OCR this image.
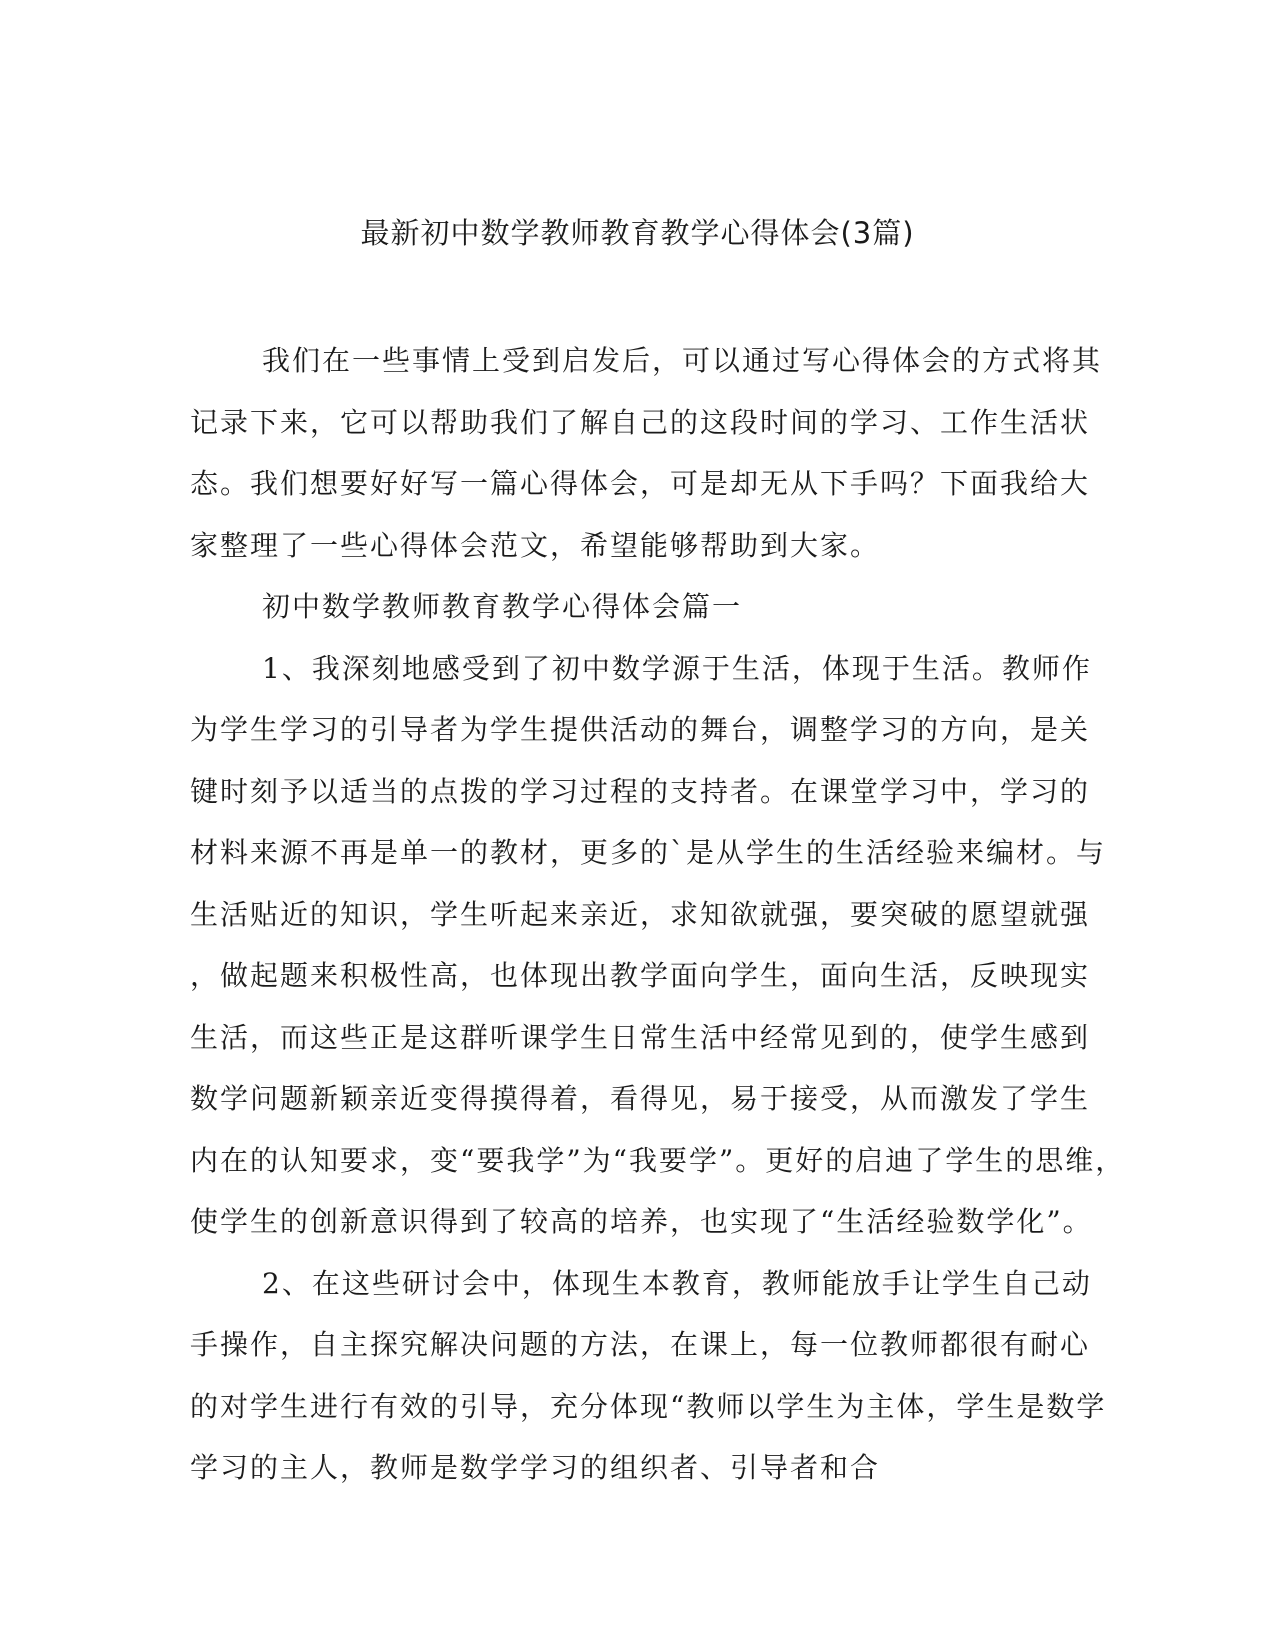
最新初中数学教师教育教学心得体会(3篇)

我们在一些事情上受到启发后，可以通过写心得体会的方式将其
记录下来，它可以帮助我们了解自己的这段时间的学习、工作生活状
态。我们想要好好写一篇心得体会，可是却无从下手吗？下面我给大
家整理了一些心得体会范文，希望能够帮助到大家。

初中数学教师教育教学心得体会篇一

1、我深刻地感受到了初中数学源于生活，体现于生活。教师作
为学生学习的引导者为学生提供活动的舞台，调整学习的方向，是关
键时刻予以适当的点拨的学习过程的支持者。在课堂学习中，学习的
材料来源不再是单一的教材，更多的`是从学生的生活经验来编材。与
生活贴近的知识，学生听起来亲近，求知欲就强，要突破的愿望就强
，做起题来积极性高，也体现出教学面向学生，面向生活，反映现实
生活，而这些正是这群听课学生日常生活中经常见到的，使学生感到
数学问题新颖亲近变得摸得着，看得见，易于接受，从而激发了学生
内在的认知要求，变“要我学”为“我要学”。更好的启迪了学生的思维，
使学生的创新意识得到了较高的培养，也实现了“生活经验数学化”。

2、在这些研讨会中，体现生本教育，教师能放手让学生自己动
手操作，自主探究解决问题的方法，在课上，每一位教师都很有耐心
的对学生进行有效的引导，充分体现“教师以学生为主体，学生是数学
学习的主人，教师是数学学习的组织者、引导者和合
